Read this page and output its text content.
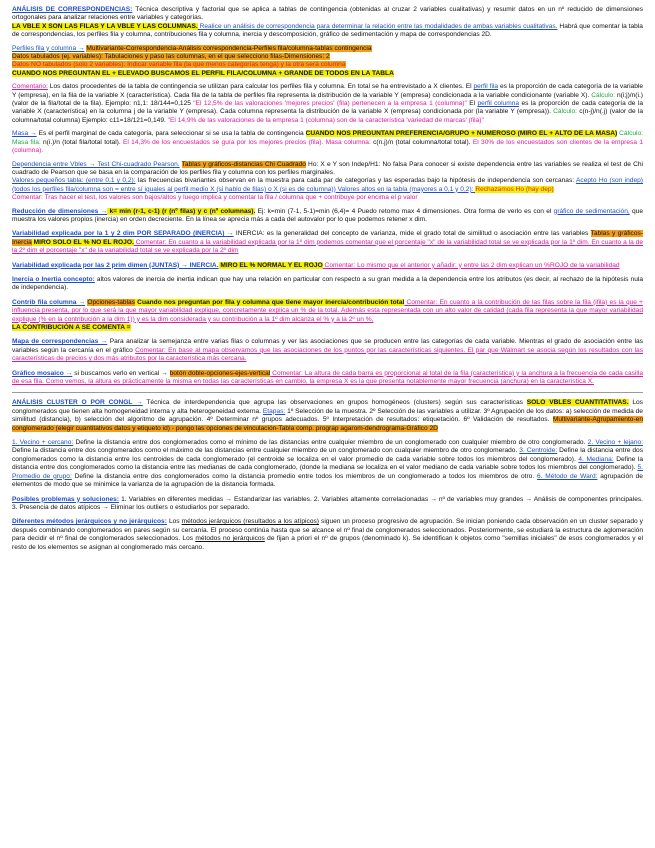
ANÁLISIS DE CORRESPONDENCIAS: Técnica descriptiva y factorial que se aplica a tablas de contingencia (obtenidas al cruzar 2 variables cualitativas) y resumir datos en un nº reducido de dimensiones ortogonales para analizar relaciones entre variables y categorías.
LA VBLE X SON LAS FILAS Y LA VBLE Y LAS COLUMNAS. Realice un análisis de correspondencia para determinar la relación entre las modalidades de ambas variables cualitativas. Habrá que comentar la tabla de correspondencias, los perfiles fila y columna, contribuciones fila y columna, inercia y descomposición, gráfico de sedimentación y mapa de correspondencias 2D.

Perfiles fila y columna → Multivariante-Correspondencia-Análisis correspondencia-Perfiles fila/columna-tablas contingencia
Datos tabulados (ej. variables): Tabulaciones y paso las columnas, en el que selecciono filas-Dimensiones: 2
Datos NO tabulados (solo 2 variables): Indicar variable fila (la que menos categorías tenga) y la otra será columna
CUANDO NOS PREGUNTAN EL + ELEVADO BUSCAMOS EL PERFIL FILA/COLUMNA + GRANDE DE TODOS EN LA TABLA

Comentario: Los datos procedentes de la tabla de contingencia se utilizan para calcular los perfiles fila y columna. En total se ha entrevistado a X clientes. El perfil fila es la proporción de cada categoría de la variable Y (empresa), en la fila de la variable X (característica). Cada fila de la tabla de perfiles fila representa la distribución de la variable Y (empresa) condicionada a la variable condicionante (variable X). Cálculo: n(i;j)/n(i.) (valor de la fila/total de la fila). Ejemplo: n1,1: 18/144=0,125 "El 12,5% de las valoraciones 'mejores precios' (fila) pertenecen a la empresa 1 (columna)" El perfil columna es la proporción de cada categoría de la variable X (característica) en la columna j de la variable Y (empresa). Cada columna representa la distribución de la variable X (empresa) condicionada por (la variable Y (empresa)). Cálculo: c(n-j)/n(.j) (valor de la columna/total columna) Ejemplo: c11=18/121=0,149. "El 14,9% de las valoraciones de la empresa 1 (columna) son de la característica 'variedad de marcas' (fila)"

Masa → Es el perfil marginal de cada categoría, para seleccionar si se usa la tabla de contingencia CUANDO NOS PREGUNTAN PREFERENCIA/GRUPO + NUMEROSO (MIRO EL + ALTO DE LA MASA) Cálculo: Masa fila: n(i.)/n (total fila/total total). El 14,3% de los encuestados se guía por los mejores precios (fila). Masa columna: c(n.j)/n (total columna/total total). El 30% de los encuestados son clientes de la empresa 1 (columna).

Dependencia entre Vbles → Test Chi-cuadrado Pearson. Tablas y gráficos-distancias Chi Cuadrado Ho: X e Y son Indep/H1: No falsa Para conocer si existe dependencia entre las variables se realiza el test de Chi cuadrado de Pearson que se basa en la comparación de los perfiles fila y columna con los perfiles marginales.
Valores pequeños tabla: (entre 0,1 y 0,2): las frecuencias bivariantes observan en la muestra para cada par de categorías y las esperadas bajo la hipótesis de independencia son cercanas: Acepto Ho (son indep) (todos los perfiles fila/columna son = entre sí iguales al perfil medio X (si hablo de filas) o X (si es de columna)) Valores altos en la tabla (mayores a 0,1 y 0,2): Rechazamos Ho (hay dep)
Comentar: Tras hacer el test, los valores son bajos/altos y luego implica y comentar la fila / columna que + contribuye por encima el p valor

Reducción de dimensiones → k= min (r-1, c-1) (r (nº filas) y c (nº columnas). Ej: k=min (7-1, 5-1)=min (6,4)= 4 Puedo retomo max 4 dimensiones. Otra forma de verlo es con el gráfico de sedimentación, que muestra los valores propios (inercia) en orden decreciente. En la línea se aprecia más a cada del autovalor por lo que podemos retener x dim.

Variabilidad explicada por la 1 y 2 dim POR SEPARADO (INERCIA) → INERCIA: es la generalidad del concepto de varianza, mide el grado total de similitud o asociación entre las variables Tablas y gráficos-Inercia MIRO SOLO EL % NO EL ROJO. Comentar: En cuanto a la variabilidad explicada por la 1º dim podemos comentar que el porcentaje "x" de la variabilidad total se ve explicada por la 1º dim. En cuanto a la de la 2º dim el porcentaje "x" de la variabilidad total se ve explicada por la 2º dim

Variabilidad explicada por las 2 prim dimen (JUNTAS) → INERCIA. MIRO EL % NORMAL Y EL ROJO Comentar: Lo mismo que el anterior y añadir: y entre las 2 dim explican un %ROJO de la variabilidad

Inercia o Inertia concepto: altos valores de inercia de inertia indican que hay una relación en particular con respecto a su gran medida a la dependencia entre los atributos (es decir, al rechazo de la hipótesis nula de independencia).

Contrib fila columna → Opciones-tablas Cuando nos preguntan por fila y columna que tiene mayor inercia/contribución total Comentar: En cuanto a la contribución de las filas sobre la fila (ifila) es la que + influencia presenta, por lo que será la que mayor variabilidad explique, concretamente explica un % de la total. Además esta representada con un alto valor de calidad (cada fila representa la que mayor variabilidad explique (% en la contribución a la dim 1)) y es la dim considerada y su contribución a la 1º dim alcanza el % y a la 2º un %,
LA CONTRIBUCIÓN A SE COMENTA =

Mapa de correspondencias → Para analizar la semejanza entre varias filas o columnas y ver las asociaciones que se producen entre las categorías de cada variable. Mientras el grado de asociación entre las variables según la cercanía en el gráfico Comentar: En base al mapa observamos que las asociaciones de los puntos por las características siguientes. El par que Walmart se asocia según los resultados con las características de precios y dos más atributos por la característica más cercana.

Gráfico mosaico → si buscamos verlo en vertical → botón doble-opciones-ejes-vertical Comentar: La altura de cada barra es proporcional al total de la fila (característica) y la anchura a la frecuencia de cada casilla de esa fila. Como vemos, la altura es prácticamente la misma en todas las características en cambio, la empresa X es la que presenta notablemente mayor frecuencia (anchura) en la característica X.

ANÁLISIS CLUSTER O POR CONGL → Técnica de interdependencia que agrupa las observaciones en grupos homogéneos (clusters) según sus características SOLO VBLES CUANTITATIVAS. Los conglomerados que tienen alta homogeneidad interna y alta heterogeneidad externa. Etapas: 1º Selección de la muestra. 2º Selección de las variables a utilizar. 3º Agrupación de los datos: a) selección de medida de similitud (distancia), b) selección del algoritmo de agrupación. 4º Determinar nº grupos adecuados. 5º Interpretación de resultados: etiquetación. 6º Validación de resultados. Multivariante-Agrupamiento-en conglomerado (elegir cuantitativos datos y etiqueto id) - pongo las opciones de vinculación-Tabla comp. prograp agarom-dendrograma-Gráfico 2D

1. Vecino + cercano: Define la distancia entre dos conglomerados como el mínimo de las distancias entre cualquier miembro de un conglomerado con cualquier miembro de otro conglomerado. 2. Vecino + lejano: Define la distancia entre dos conglomerados como el máximo de las distancias entre cualquier miembro de un conglomerado con cualquier miembro de otro conglomerado. 3. Centroide: Define la distancia entre dos conglomerados como la distancia entre los centroides de cada conglomerado (el centroide se localiza en el valor promedio de cada variable sobre todos los miembros del conglomerado). 4. Mediana: Define la distancia entre dos conglomerados como la distancia entre las medianas de cada conglomerado, (donde la mediana se localiza en el valor mediano de cada variable sobre todos los miembros del conglomerado). 5. Promedio de grupo: Define la distancia entre dos conglomerados como la distancia promedio entre todos los miembros de un conglomerado a todos los miembros de otro. 6. Método de Ward: agrupación de elementos de modo que se minimice la varianza de la agrupación de la distancia formada.

Posibles problemas y soluciones: 1. Variables en diferentes medidas → Estandarizar las variables. 2. Variables altamente correlacionadas → nº de variables muy grandes → Análisis de componentes principales. 3. Presencia de datos atípicos → Eliminar los outliers o estudiarlos por separado.

Diferentes métodos jerárquicos y no jerárquicos: Los métodos jerárquicos (resultados a los atípicos) siguen un proceso progresivo de agrupación. Se inician poniendo cada observación en un cluster separado y después combinando conglomerados en pares según su cercanía. El proceso continúa hasta que se alcance el nº final de conglomerados seleccionados. Posteriormente, se estudiará la estructura de aglomeración para decidir el nº final de conglomerados seleccionados. Los métodos no jerárquicos de fijan a priori el nº de grupos (denominado k). Se identifican k objetos como "semillas iniciales" de esos conglomerados y el resto de los elementos se asignan al conglomerado más cercano.
